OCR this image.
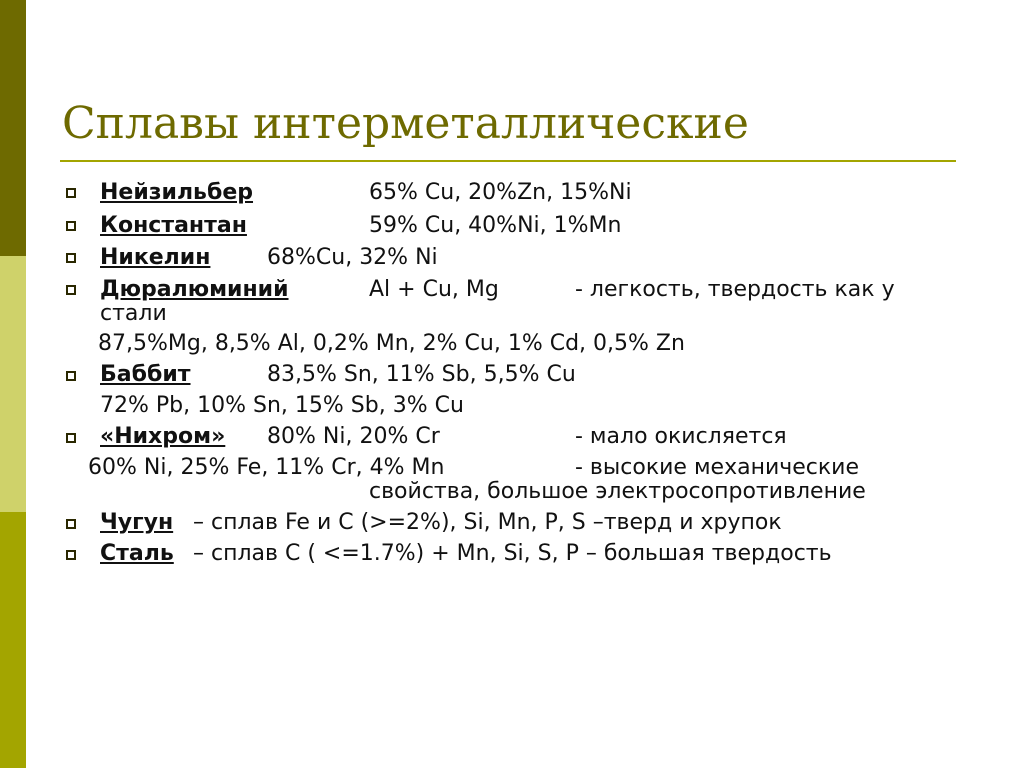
Сплавы интерметаллические
Нейзильбер	65% Cu, 20%Zn, 15%Ni
Константан	59% Cu, 40%Ni, 1%Mn
Никелин	68%Cu, 32% Ni
Дюралюминий	Al + Cu, Mg	- легкость, твердость как у
стали
87,5%Mg, 8,5% Al, 0,2% Mn, 2% Cu, 1% Cd, 0,5% Zn
Баббит	83,5% Sn, 11% Sb, 5,5% Cu
72% Pb, 10% Sn, 15% Sb, 3% Cu
«Нихром» 80% Ni, 20% Cr	- мало окисляется
60% Ni, 25% Fe, 11% Cr, 4% Mn	- высокие механические
свойства, большое электросопротивление
Чугун – сплав Fe и C (>=2%), Si, Mn, P, S –тверд и хрупок
Сталь – сплав С ( <=1.7%) + Mn, Si, S, P – большая твердость
